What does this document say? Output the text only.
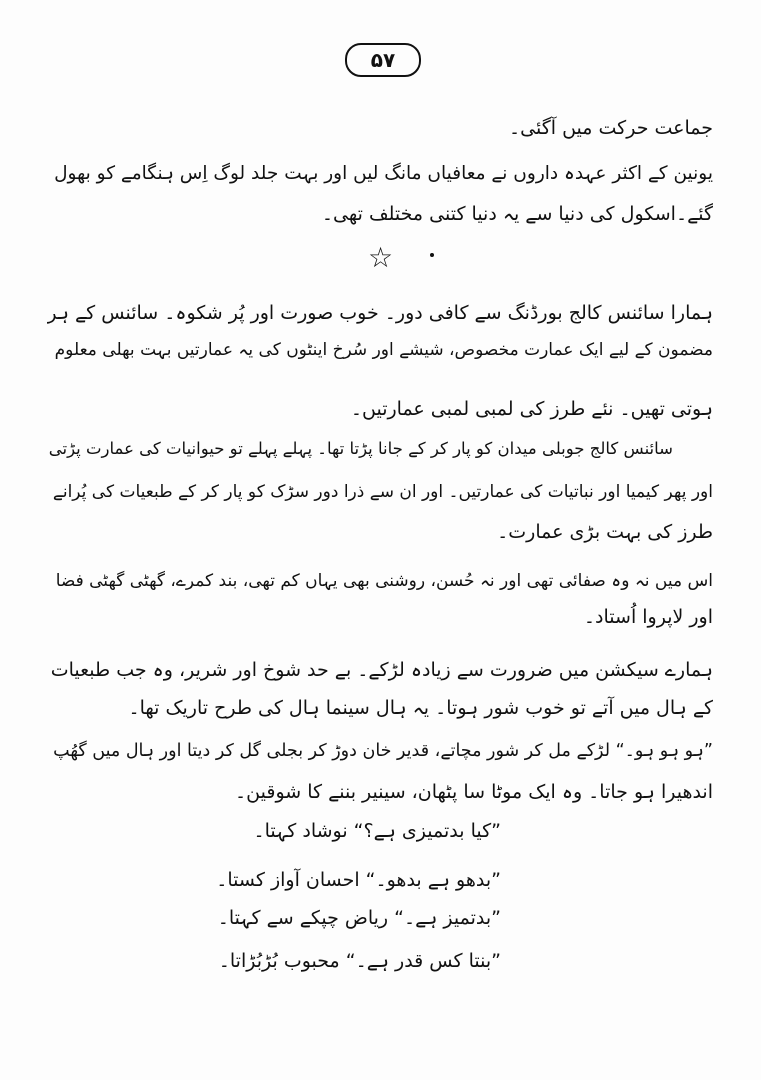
۵۷
جماعت حرکت میں آگئی۔
یونین کے اکثر عہدہ داروں نے معافیاں مانگ لیں اور بہت جلد لوگ اِس ہنگامے کو بھول
گئے۔اسکول کی دنیا سے یہ دنیا کتنی مختلف تھی۔
☆
ہمارا سائنس کالج بورڈنگ سے کافی دور۔ خوب صورت اور پُر شکوہ۔ سائنس کے ہر
مضمون کے لیے ایک عمارت مخصوص، شیشے اور سُرخ اینٹوں کی یہ عمارتیں بہت بھلی معلوم
ہوتی تھیں۔ نئے طرز کی لمبی لمبی عمارتیں۔
سائنس کالج جوبلی میدان کو پار کر کے جانا پڑتا تھا۔ پہلے پہلے تو حیوانیات کی عمارت پڑتی
اور پھر کیمیا اور نباتیات کی عمارتیں۔ اور ان سے ذرا دور سڑک کو پار کر کے طبعیات کی پُرانے
طرز کی بہت بڑی عمارت۔
اس میں نہ وہ صفائی تھی اور نہ حُسن، روشنی بھی یہاں کم تھی، بند کمرے، گھٹی گھٹی فضا
اور لاپروا اُستاد۔
ہمارے سیکشن میں ضرورت سے زیادہ لڑکے۔ بے حد شوخ اور شریر، وہ جب طبعیات
کے ہال میں آتے تو خوب شور ہوتا۔ یہ ہال سینما ہال کی طرح تاریک تھا۔
”ہو ہو ہو۔“ لڑکے مل کر شور مچاتے، قدیر خان دوڑ کر بجلی گل کر دیتا اور ہال میں گھُپ
اندھیرا ہو جاتا۔ وہ ایک موٹا سا پٹھان، سینیر بننے کا شوقین۔
”کیا بدتمیزی ہے؟“ نوشاد کہتا۔
”بدھو ہے بدھو۔“ احسان آواز کستا۔
”بدتمیز ہے۔“ ریاض چپکے سے کہتا۔
”بنتا کس قدر ہے۔“ محبوب بُڑبُڑاتا۔
